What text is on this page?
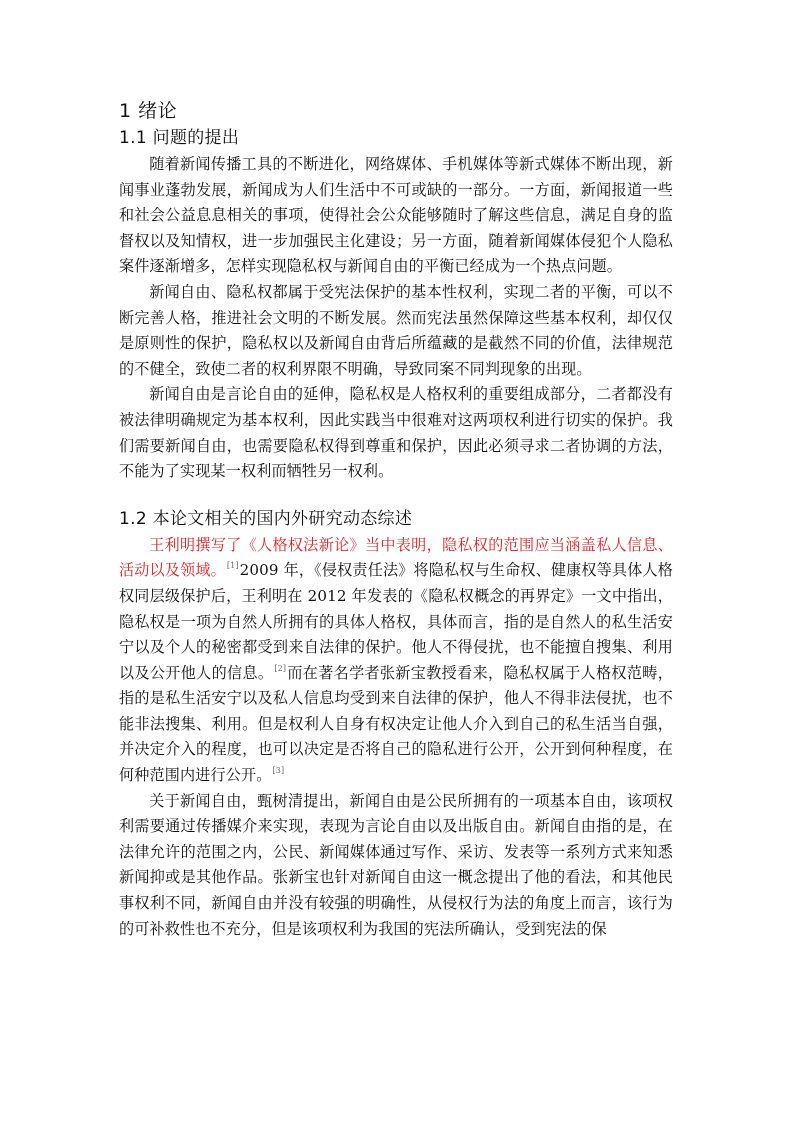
1 绪论
1.1 问题的提出

随着新闻传播工具的不断进化，网络媒体、手机媒体等新式媒体不断出现，新闻事业蓬勃发展，新闻成为人们生活中不可或缺的一部分。一方面，新闻报道一些和社会公益息息相关的事项，使得社会公众能够随时了解这些信息，满足自身的监督权以及知情权，进一步加强民主化建设；另一方面，随着新闻媒体侵犯个人隐私案件逐渐增多，怎样实现隐私权与新闻自由的平衡已经成为一个热点问题。

新闻自由、隐私权都属于受宪法保护的基本性权利，实现二者的平衡，可以不断完善人格，推进社会文明的不断发展。然而宪法虽然保障这些基本权利，却仅仅是原则性的保护，隐私权以及新闻自由背后所蕴藏的是截然不同的价值，法律规范的不健全，致使二者的权利界限不明确，导致同案不同判现象的出现。

新闻自由是言论自由的延伸，隐私权是人格权利的重要组成部分，二者都没有被法律明确规定为基本权利，因此实践当中很难对这两项权利进行切实的保护。我们需要新闻自由，也需要隐私权得到尊重和保护，因此必须寻求二者协调的方法，不能为了实现某一权利而牺牲另一权利。

1.2 本论文相关的国内外研究动态综述

王利明撰写了《人格权法新论》当中表明，隐私权的范围应当涵盖私人信息、活动以及领域。[1]2009 年，《侵权责任法》将隐私权与生命权、健康权等具体人格权同层级保护后，王利明在 2012 年发表的《隐私权概念的再界定》一文中指出，隐私权是一项为自然人所拥有的具体人格权，具体而言，指的是自然人的私生活安宁以及个人的秘密都受到来自法律的保护。他人不得侵扰，也不能擅自搜集、利用以及公开他人的信息。[2]而在著名学者张新宝教授看来，隐私权属于人格权范畴，指的是私生活安宁以及私人信息均受到来自法律的保护，他人不得非法侵扰，也不能非法搜集、利用。但是权利人自身有权决定让他人介入到自己的私生活当自强，并决定介入的程度，也可以决定是否将自己的隐私进行公开，公开到何种程度，在何种范围内进行公开。[3]

关于新闻自由，甄树清提出，新闻自由是公民所拥有的一项基本自由，该项权利需要通过传播媒介来实现，表现为言论自由以及出版自由。新闻自由指的是，在法律允许的范围之内，公民、新闻媒体通过写作、采访、发表等一系列方式来知悉新闻抑或是其他作品。张新宝也针对新闻自由这一概念提出了他的看法，和其他民事权利不同，新闻自由并没有较强的明确性，从侵权行为法的角度上而言，该行为的可补救性也不充分，但是该项权利为我国的宪法所确认，受到宪法的保
